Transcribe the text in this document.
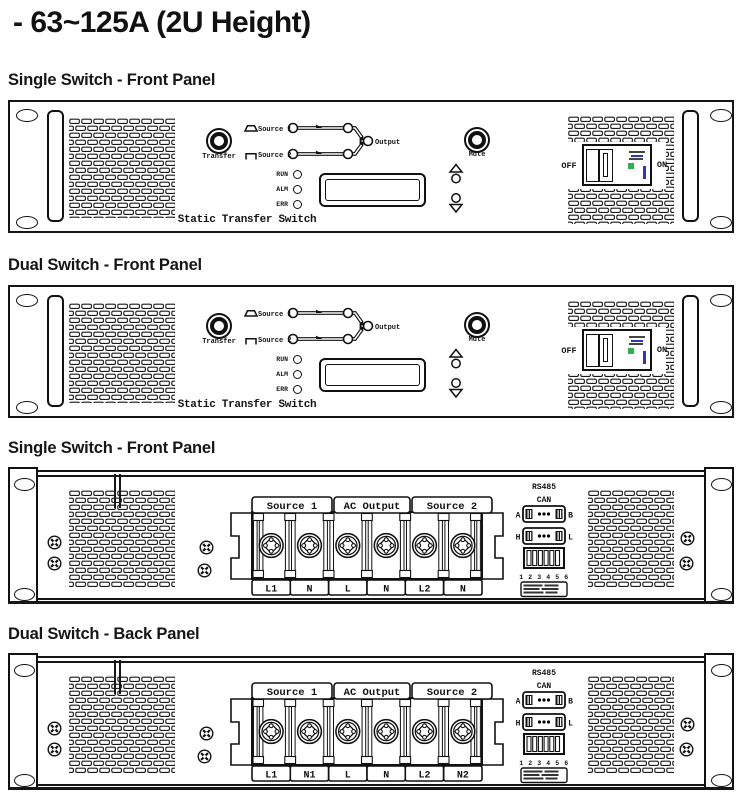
- 63~125A (2U Height)
Single Switch - Front Panel
Dual Switch - Front Panel
Single Switch - Front Panel
Dual Switch - Back Panel
Transfer
Source 1
Source 2
Output
RUN
ALM
ERR
Static Transfer Switch
Mute
OFF	ON
Transfer
Source 1
Source 2
Output
RUN
ALM
ERR
Static Transfer Switch
Mute
OFF	ON
Source 1	AC Output	Source 2
L1	N	L	N	L2	N
RS485
CAN
A	B
H	L
1 2 3 4 5 6
Source 1	AC Output	Source 2
L1	N1	L	N	L2	N2
RS485
CAN
A	B
H	L
1 2 3 4 5 6
